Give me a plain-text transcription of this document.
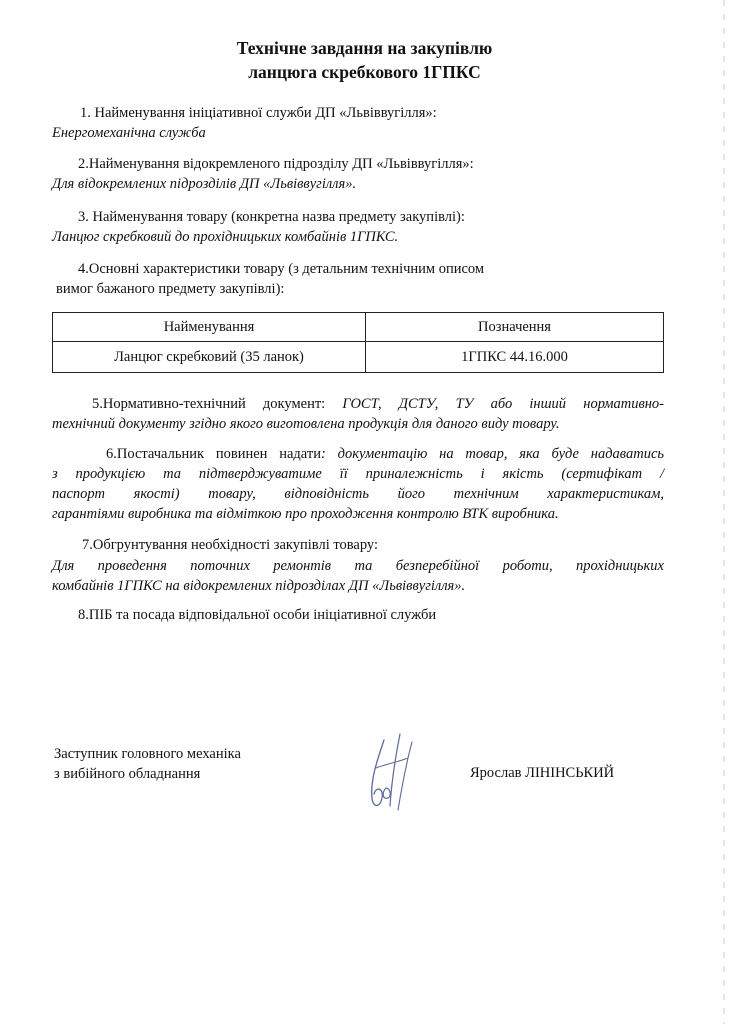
Технічне завдання на закупівлю
ланцюга скребкового 1ГПКС
1. Найменування ініціативної служби ДП «Львіввугілля»:
Енергомеханічна служба
2.Найменування відокремленого підрозділу ДП «Львіввугілля»:
Для відокремлених підрозділів ДП «Львіввугілля».
3. Найменування товару (конкретна назва предмету закупівлі):
Ланцюг скребковий до прохідницьких комбайнів 1ГПКС.
4.Основні характеристики товару (з детальним технічним описом
вимог бажаного предмету закупівлі):
Найменування	Позначення
Ланцюг скребковий (35 ланок)	1ГПКС 44.16.000

5.Нормативно-технічний документ: ГОСТ, ДСТУ, ТУ або інший нормативно-

технічний документу згідно якого виготовлена продукція для даного виду товару.

6.Постачальник повинен надати: документацію на товар, яка буде надаватись

з продукцією та підтверджуватиме її приналежність і якість (сертифікат /

паспорт якості) товару, відповідність його технічним характеристикам,

гарантіями виробника та відміткою про проходження контролю ВТК виробника.

7.Обгрунтування необхідності закупівлі товару:

Для проведення поточних ремонтів та безперебійної роботи, прохідницьких

комбайнів 1ГПКС на відокремлених підрозділах ДП «Львіввугілля».

8.ПІБ та посада відповідальної особи ініціативної служби
Заступник головного механіка
з вибійного обладнання	Ярослав ЛІНІНСЬКИЙ
